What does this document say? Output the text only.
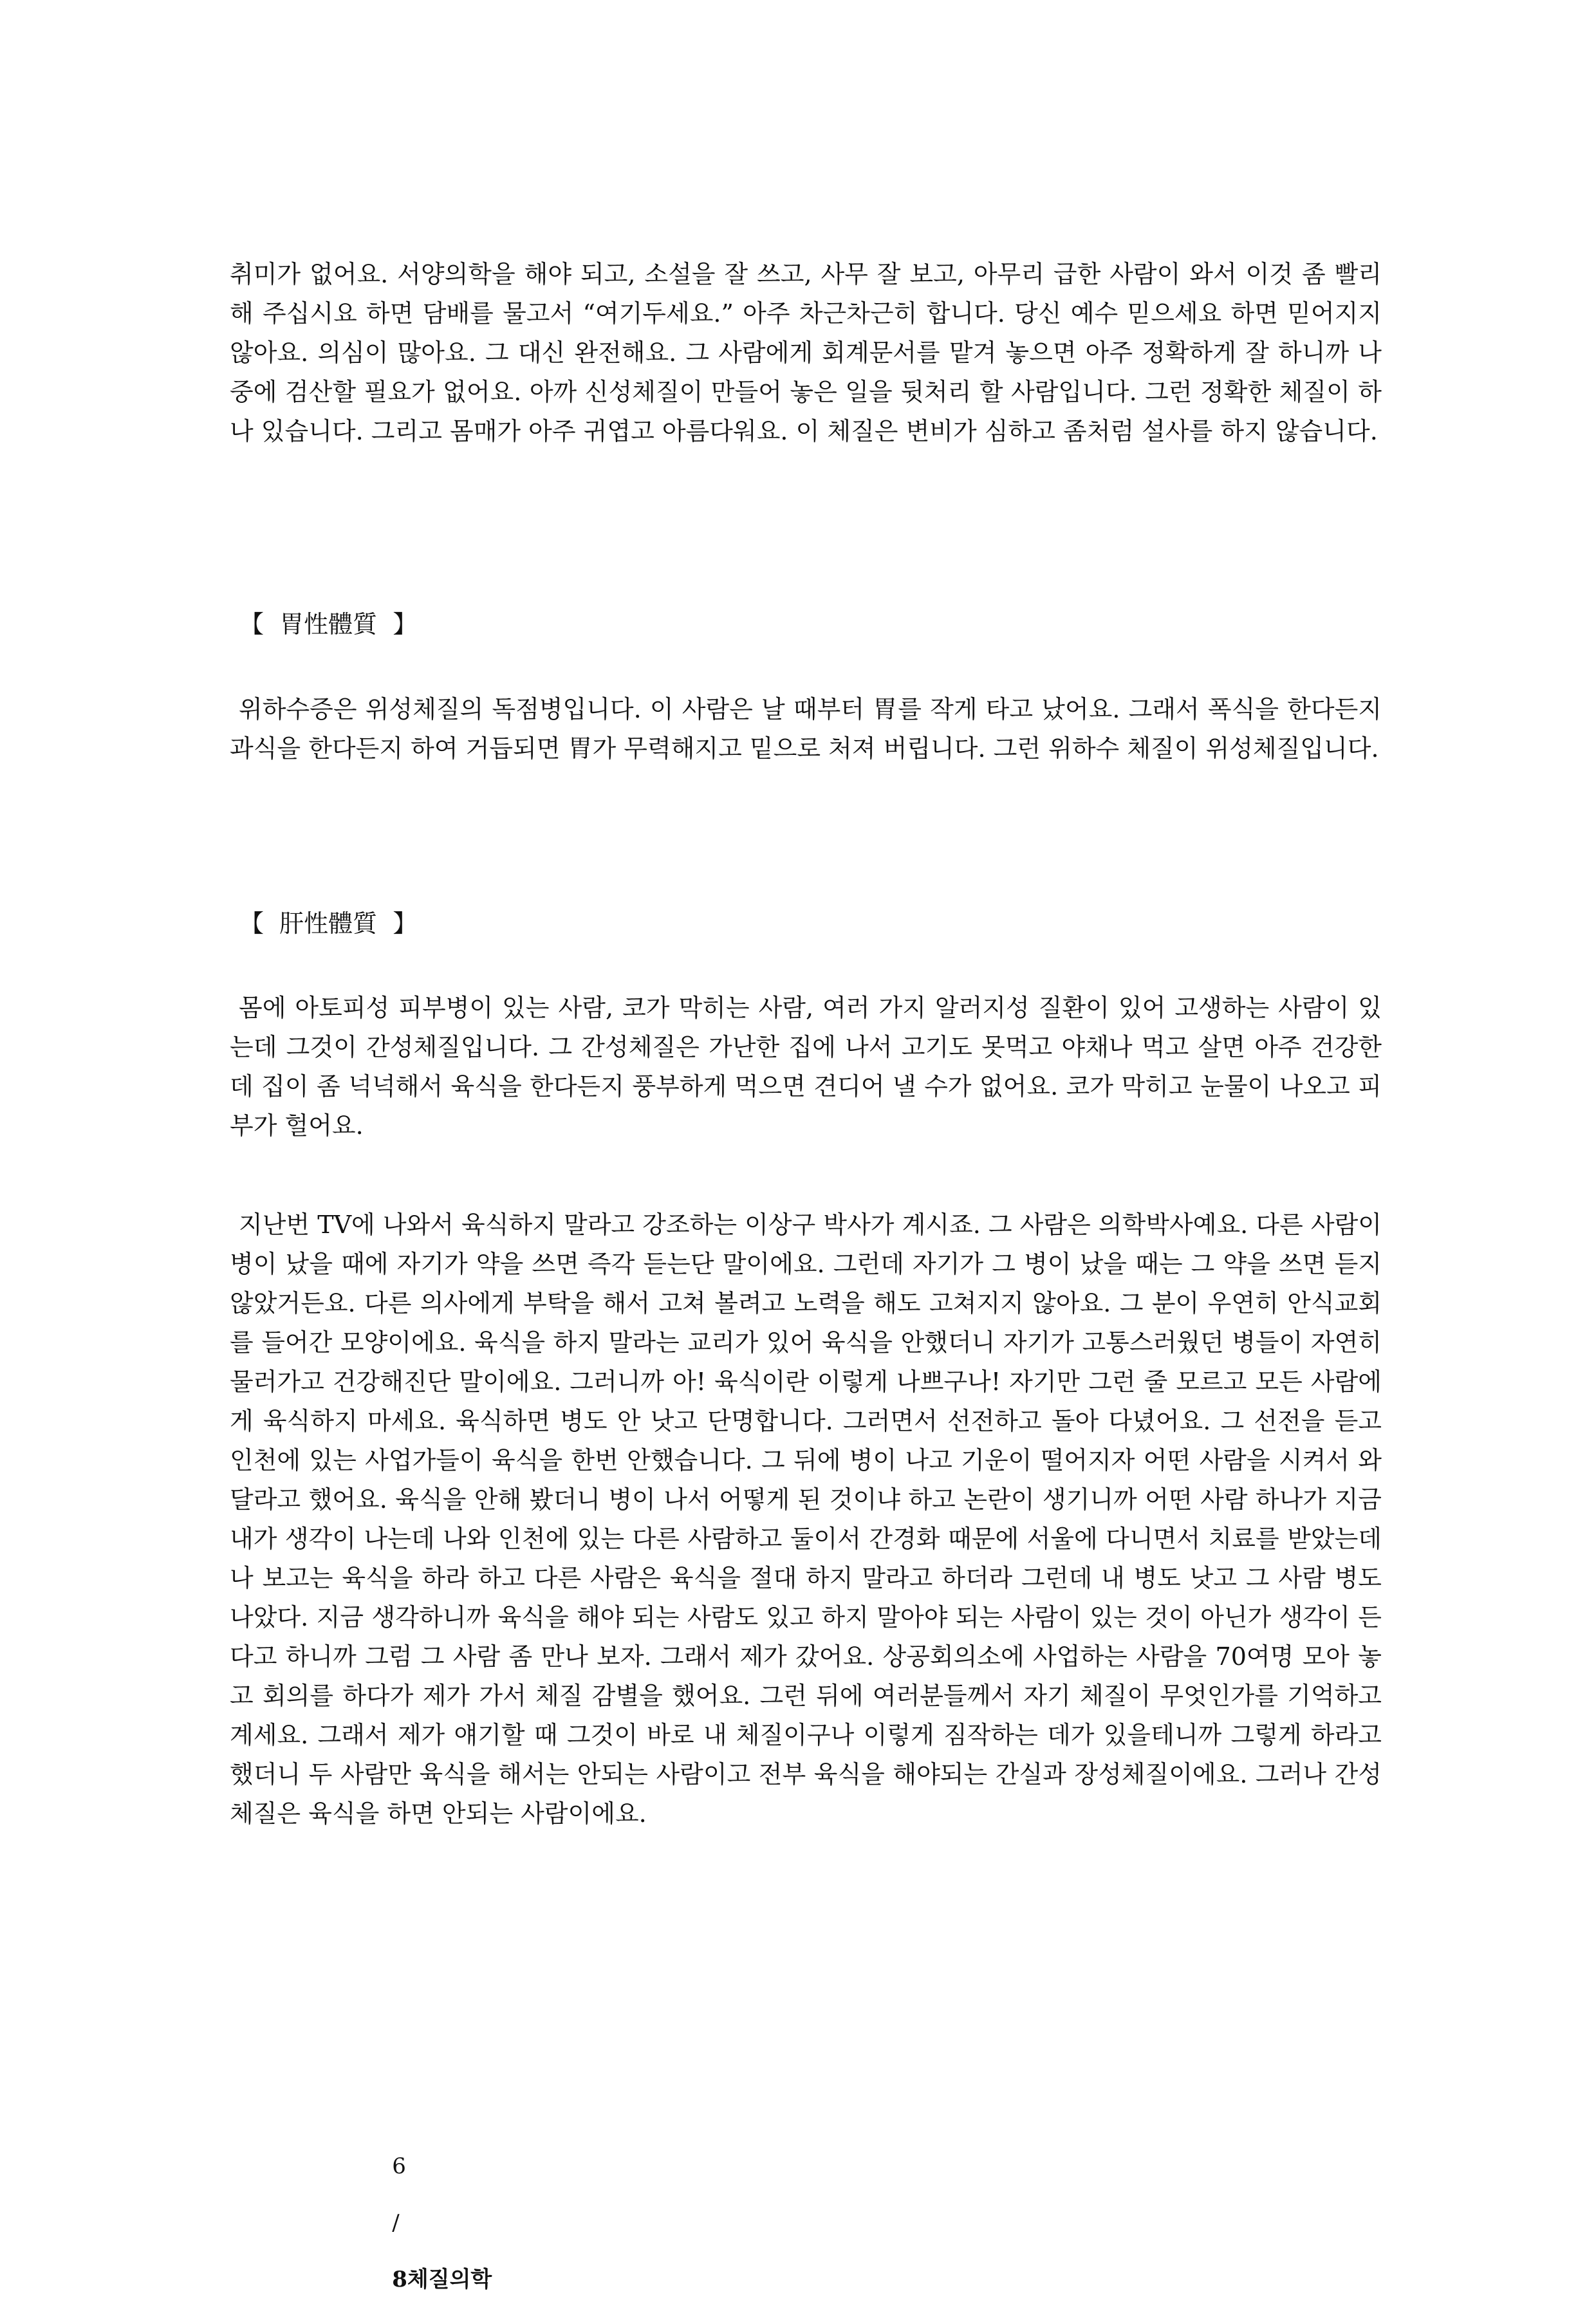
취미가 없어요. 서양의학을 해야 되고, 소설을 잘 쓰고, 사무 잘 보고, 아무리 급한 사람이 와서 이것 좀 빨리 해 주십시요 하면 담배를 물고서 “여기두세요.” 아주 차근차근히 합니다. 당신 예수 믿으세요 하면 믿어지지 않아요. 의심이 많아요. 그 대신 완전해요. 그 사람에게 회계문서를 맡겨 놓으면 아주 정확하게 잘 하니까 나중에 검산할 필요가 없어요. 아까 신성체질이 만들어 놓은 일을 뒷처리 할 사람입니다. 그런 정확한 체질이 하나 있습니다. 그리고 몸매가 아주 귀엽고 아름다워요. 이 체질은 변비가 심하고 좀처럼 설사를 하지 않습니다.

【  胃性體質  】

위하수증은 위성체질의 독점병입니다. 이 사람은 날 때부터 胃를 작게 타고 났어요. 그래서 폭식을 한다든지 과식을 한다든지 하여 거듭되면 胃가 무력해지고 밑으로 처져 버립니다. 그런 위하수 체질이 위성체질입니다.

【  肝性體質  】

몸에 아토피성 피부병이 있는 사람, 코가 막히는 사람, 여러 가지 알러지성 질환이 있어 고생하는 사람이 있는데 그것이 간성체질입니다. 그 간성체질은 가난한 집에 나서 고기도 못먹고 야채나 먹고 살면 아주 건강한데 집이 좀 넉넉해서 육식을 한다든지 풍부하게 먹으면 견디어 낼 수가 없어요. 코가 막히고 눈물이 나오고 피부가 헐어요.

지난번 TV에 나와서 육식하지 말라고 강조하는 이상구 박사가 계시죠. 그 사람은 의학박사예요. 다른 사람이 병이 났을 때에 자기가 약을 쓰면 즉각 듣는단 말이에요. 그런데 자기가 그 병이 났을 때는 그 약을 쓰면 듣지 않았거든요. 다른 의사에게 부탁을 해서 고쳐 볼려고 노력을 해도 고쳐지지 않아요. 그 분이 우연히 안식교회를 들어간 모양이에요. 육식을 하지 말라는 교리가 있어 육식을 안했더니 자기가 고통스러웠던 병들이 자연히 물러가고 건강해진단 말이에요. 그러니까 아! 육식이란 이렇게 나쁘구나! 자기만 그런 줄 모르고 모든 사람에게 육식하지 마세요. 육식하면 병도 안 낫고 단명합니다. 그러면서 선전하고 돌아 다녔어요. 그 선전을 듣고 인천에 있는 사업가들이 육식을 한번 안했습니다. 그 뒤에 병이 나고 기운이 떨어지자 어떤 사람을 시켜서 와 달라고 했어요. 육식을 안해 봤더니 병이 나서 어떻게 된 것이냐 하고 논란이 생기니까 어떤 사람 하나가 지금 내가 생각이 나는데 나와 인천에 있는 다른 사람하고 둘이서 간경화 때문에 서울에 다니면서 치료를 받았는데 나 보고는 육식을 하라 하고 다른 사람은 육식을 절대 하지 말라고 하더라 그런데 내 병도 낫고 그 사람 병도 나았다. 지금 생각하니까 육식을 해야 되는 사람도 있고 하지 말아야 되는 사람이 있는 것이 아닌가 생각이 든다고 하니까 그럼 그 사람 좀 만나 보자. 그래서 제가 갔어요. 상공회의소에 사업하는 사람을 70여명 모아 놓고 회의를 하다가 제가 가서 체질 감별을 했어요. 그런 뒤에 여러분들께서 자기 체질이 무엇인가를 기억하고 계세요. 그래서 제가 얘기할 때 그것이 바로 내 체질이구나 이렇게 짐작하는 데가 있을테니까 그렇게 하라고 했더니 두 사람만 육식을 해서는 안되는 사람이고 전부 육식을 해야되는 간실과 장성체질이에요. 그러나 간성체질은 육식을 하면 안되는 사람이에요.

6

/

8체질의학
